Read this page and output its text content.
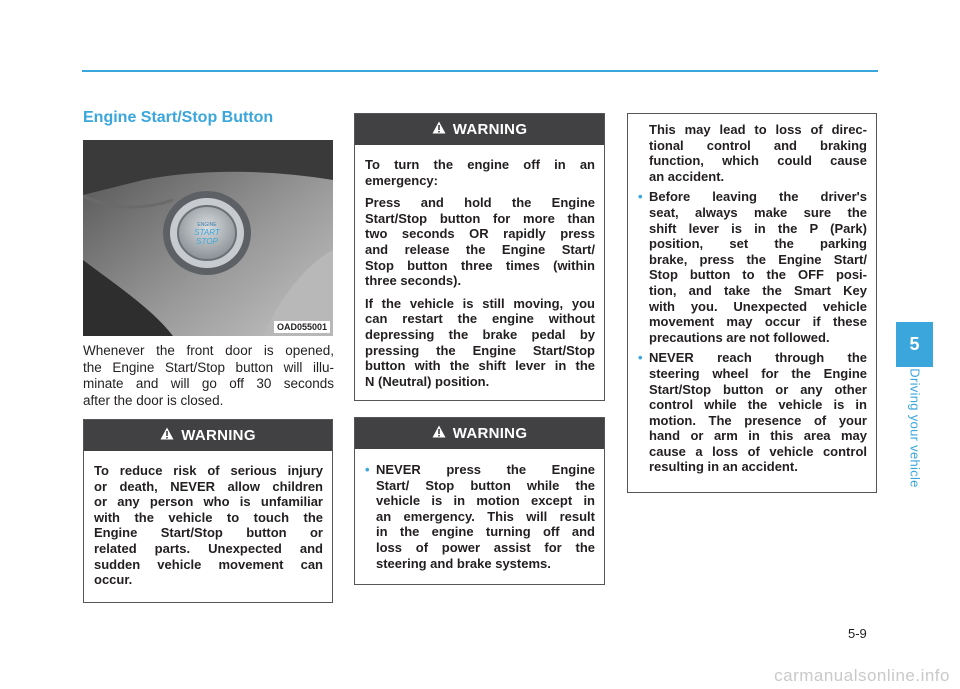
Engine Start/Stop Button
ENGINE
START
STOP
OAD055001
Whenever the front door is opened,
the Engine Start/Stop button will illu-
minate and will go off 30 seconds
after the door is closed.
WARNING
To reduce risk of serious injury
or death, NEVER allow children
or any person who is unfamiliar
with the vehicle to touch the
Engine Start/Stop button or
related parts. Unexpected and
sudden vehicle movement can
occur.
WARNING

To turn the engine off in an
emergency:

Press and hold the Engine
Start/Stop button for more than
two seconds OR rapidly press
and release the Engine Start/
Stop button three times (within
three seconds).

If the vehicle is still moving, you
can restart the engine without
depressing the brake pedal by
pressing the Engine Start/Stop
button with the shift lever in the
N (Neutral) position.

WARNING
• NEVER press the Engine
Start/ Stop button while the
vehicle is in motion except in
an emergency. This will result
in the engine turning off and
loss of power assist for the
steering and brake systems.
This may lead to loss of direc-
tional control and braking
function, which could cause
an accident.
• Before leaving the driver's
seat, always make sure the
shift lever is in the P (Park)
position, set the parking
brake, press the Engine Start/
Stop button to the OFF posi-
tion, and take the Smart Key
with you. Unexpected vehicle
movement may occur if these
precautions are not followed.
• NEVER reach through the
steering wheel for the Engine
Start/Stop button or any other
control while the vehicle is in
motion. The presence of your
hand or arm in this area may
cause a loss of vehicle control
resulting in an accident.
5
Driving your vehicle
5-9
carmanualsonline.info
